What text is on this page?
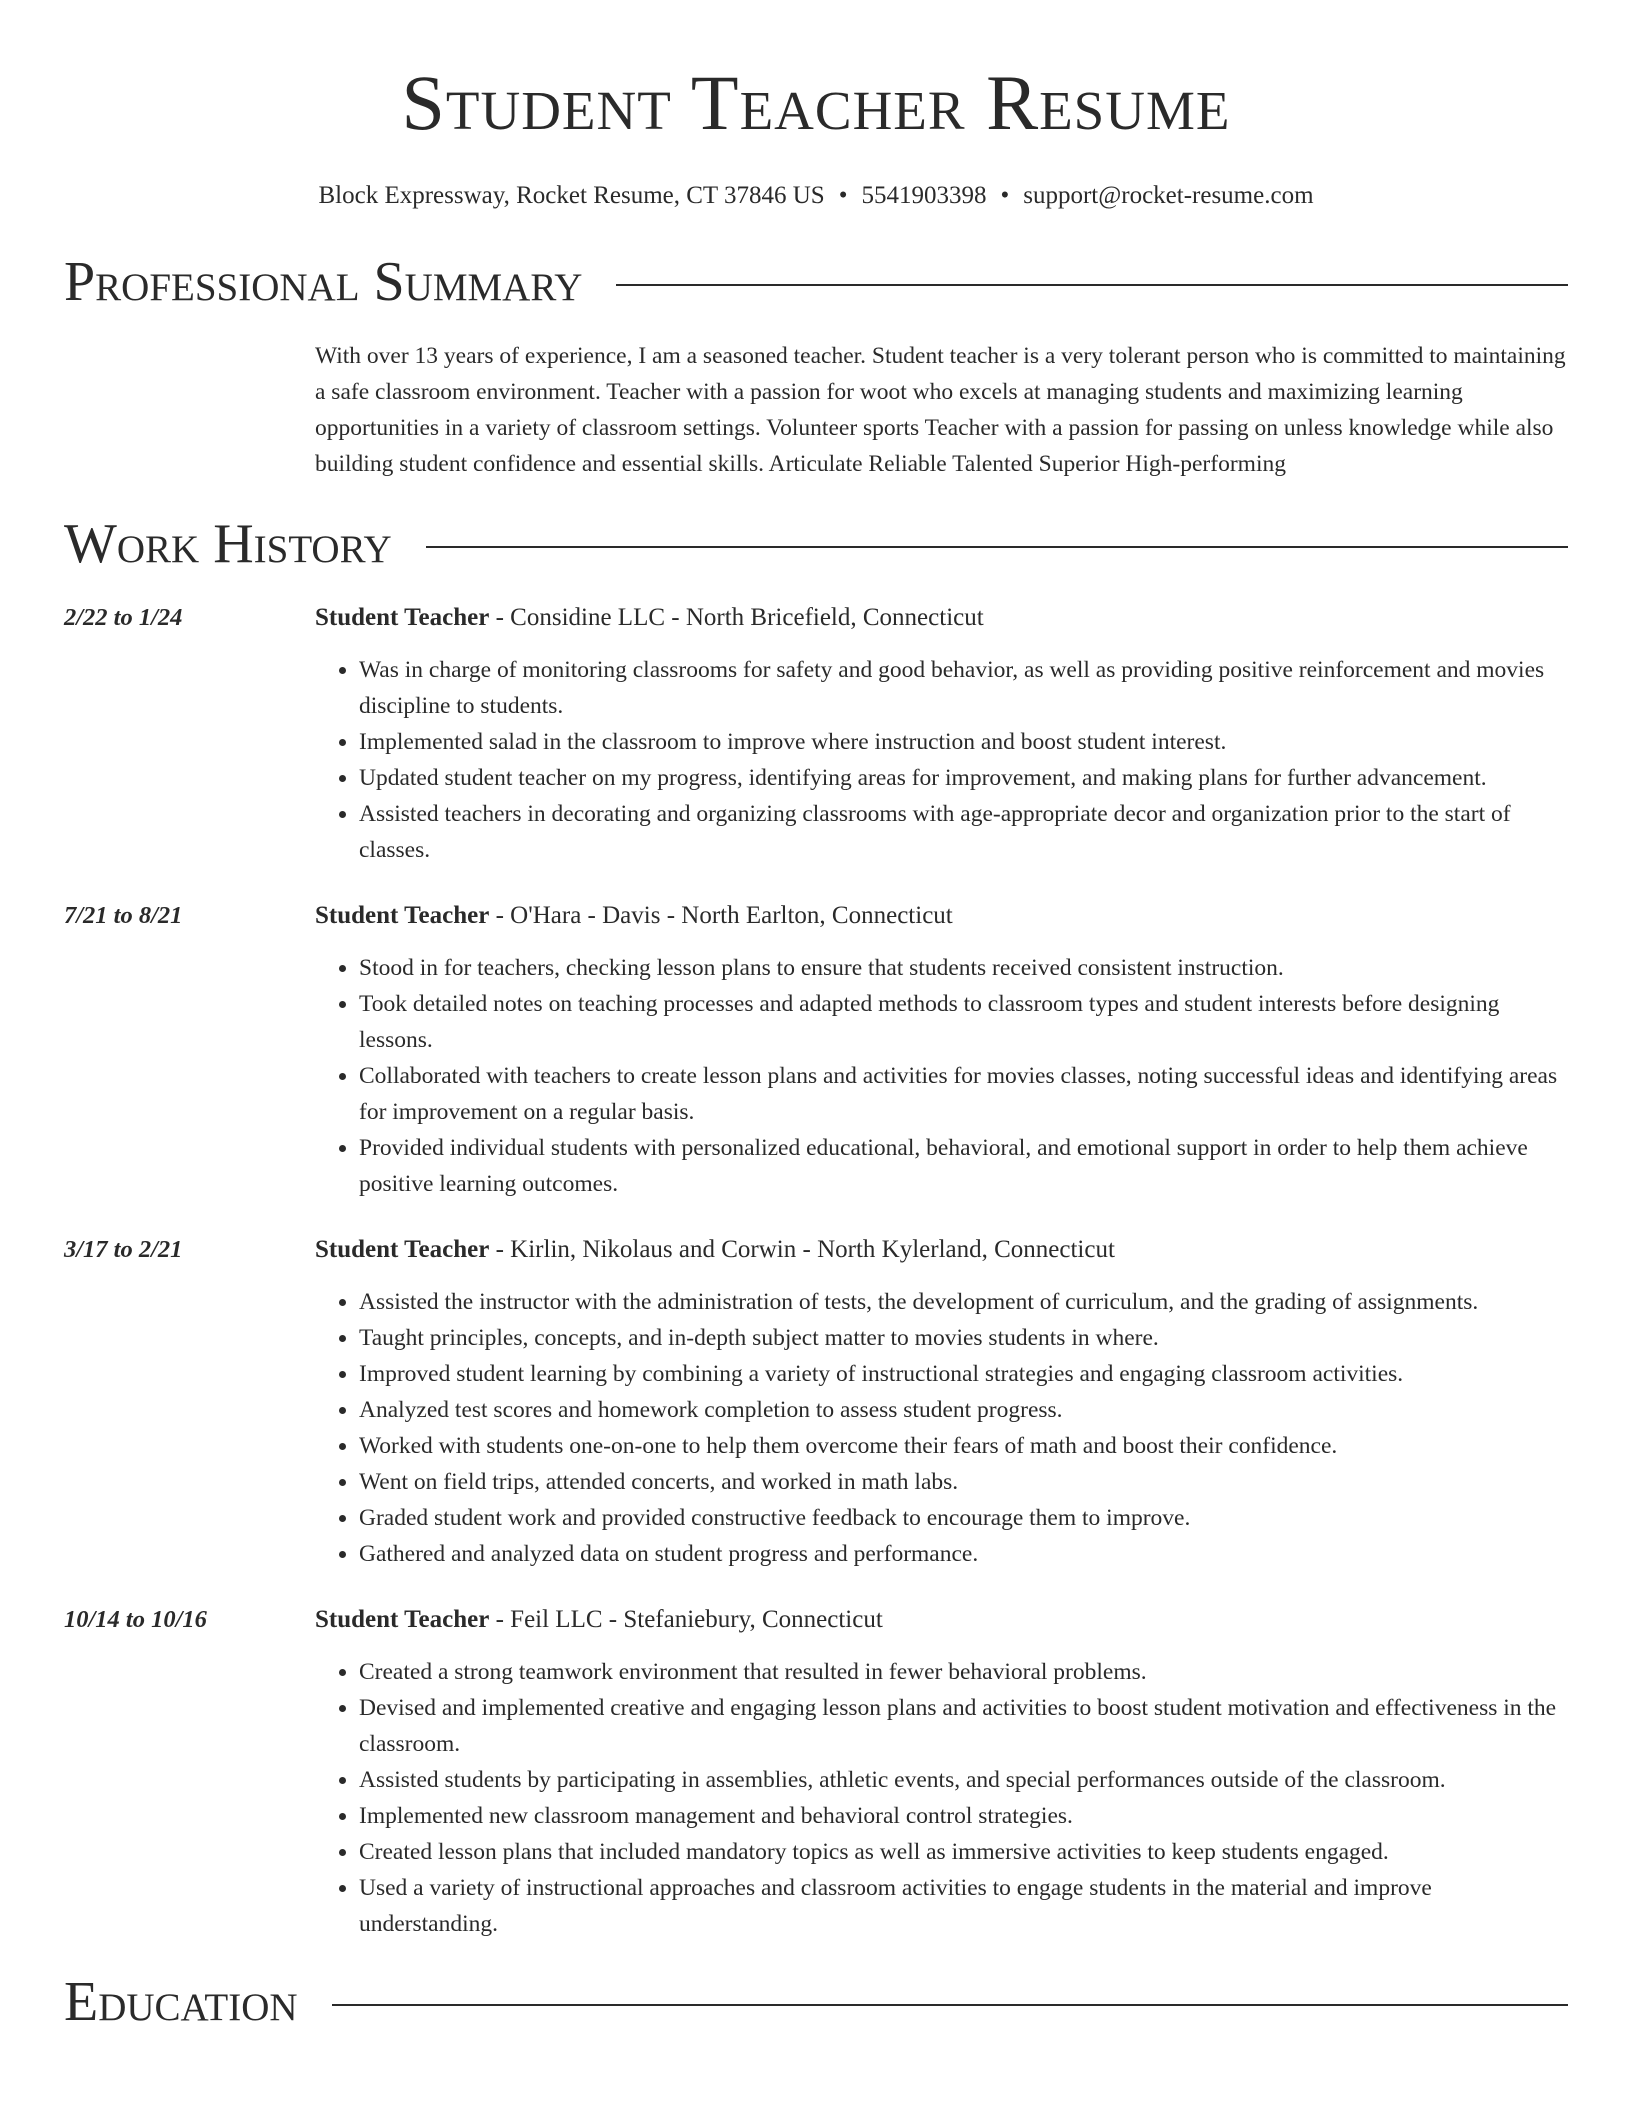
Student Teacher Resume
Block Expressway, Rocket Resume, CT 37846 US • 5541903398 • support@rocket-resume.com
Professional Summary
With over 13 years of experience, I am a seasoned teacher. Student teacher is a very tolerant person who is committed to maintaining a safe classroom environment. Teacher with a passion for woot who excels at managing students and maximizing learning opportunities in a variety of classroom settings. Volunteer sports Teacher with a passion for passing on unless knowledge while also building student confidence and essential skills. Articulate Reliable Talented Superior High-performing
Work History
2/22 to 1/24	Student Teacher - Considine LLC - North Bricefield, Connecticut
• Was in charge of monitoring classrooms for safety and good behavior, as well as providing positive reinforcement and movies discipline to students.
• Implemented salad in the classroom to improve where instruction and boost student interest.
• Updated student teacher on my progress, identifying areas for improvement, and making plans for further advancement.
• Assisted teachers in decorating and organizing classrooms with age-appropriate decor and organization prior to the start of classes.
7/21 to 8/21	Student Teacher - O'Hara - Davis - North Earlton, Connecticut
• Stood in for teachers, checking lesson plans to ensure that students received consistent instruction.
• Took detailed notes on teaching processes and adapted methods to classroom types and student interests before designing lessons.
• Collaborated with teachers to create lesson plans and activities for movies classes, noting successful ideas and identifying areas for improvement on a regular basis.
• Provided individual students with personalized educational, behavioral, and emotional support in order to help them achieve positive learning outcomes.
3/17 to 2/21	Student Teacher - Kirlin, Nikolaus and Corwin - North Kylerland, Connecticut
• Assisted the instructor with the administration of tests, the development of curriculum, and the grading of assignments.
• Taught principles, concepts, and in-depth subject matter to movies students in where.
• Improved student learning by combining a variety of instructional strategies and engaging classroom activities.
• Analyzed test scores and homework completion to assess student progress.
• Worked with students one-on-one to help them overcome their fears of math and boost their confidence.
• Went on field trips, attended concerts, and worked in math labs.
• Graded student work and provided constructive feedback to encourage them to improve.
• Gathered and analyzed data on student progress and performance.
10/14 to 10/16	Student Teacher - Feil LLC - Stefaniebury, Connecticut
• Created a strong teamwork environment that resulted in fewer behavioral problems.
• Devised and implemented creative and engaging lesson plans and activities to boost student motivation and effectiveness in the classroom.
• Assisted students by participating in assemblies, athletic events, and special performances outside of the classroom.
• Implemented new classroom management and behavioral control strategies.
• Created lesson plans that included mandatory topics as well as immersive activities to keep students engaged.
• Used a variety of instructional approaches and classroom activities to engage students in the material and improve understanding.
Education
